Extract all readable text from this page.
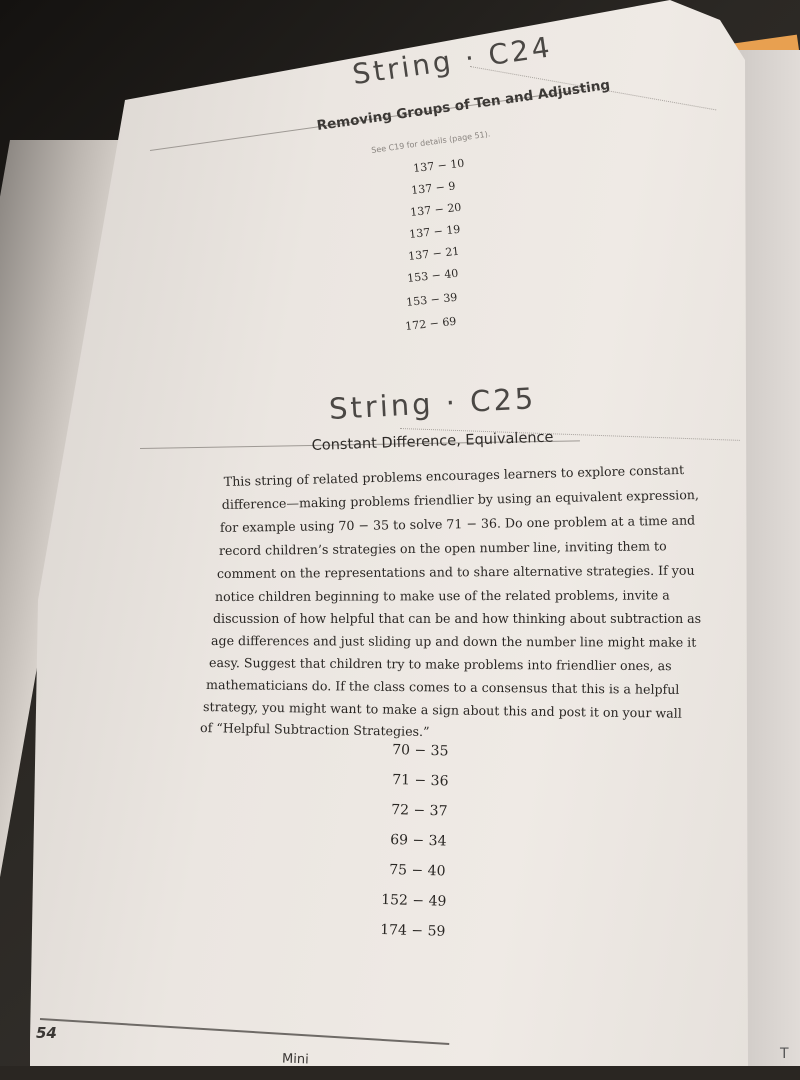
String · C24
Removing Groups of Ten and Adjusting
See C19 for details (page 51).
137 − 10
137 − 9
137 − 20
137 − 19
137 − 21
153 − 40
153 − 39
172 − 69
String · C25
Constant Difference, Equivalence
This string of related problems encourages learners to explore constant
difference—making problems friendlier by using an equivalent expression,
for example using 70 − 35 to solve 71 − 36. Do one problem at a time and
record children’s strategies on the open number line, inviting them to
comment on the representations and to share alternative strategies. If you
notice children beginning to make use of the related problems, invite a
discussion of how helpful that can be and how thinking about subtraction as
age differences and just sliding up and down the number line might make it
easy. Suggest that children try to make problems into friendlier ones, as
mathematicians do. If the class comes to a consensus that this is a helpful
strategy, you might want to make a sign about this and post it on your wall
of “Helpful Subtraction Strategies.”
70 − 35
71 − 36
72 − 37
69 − 34
75 − 40
152 − 49
174 − 59
54
Mini	T
